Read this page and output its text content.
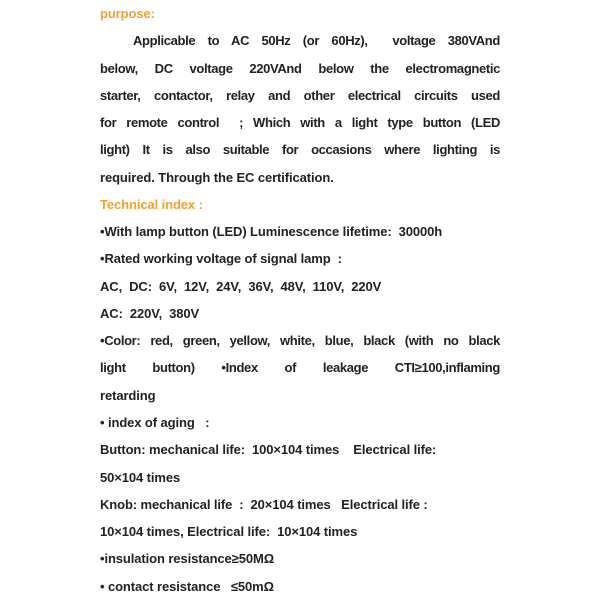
purpose:
Applicable to AC 50Hz (or 60Hz),  voltage 380VAnd
below, DC voltage 220VAnd below the electromagnetic
starter, contactor, relay and other electrical circuits used
for remote control  ; Which with a light type button (LED
light) It is also suitable for occasions where lighting is
required. Through the EC certification.
Technical index :
•With lamp button (LED) Luminescence lifetime:  30000h
•Rated working voltage of signal lamp  :
AC,  DC:  6V,  12V,  24V,  36V,  48V,  110V,  220V
AC:  220V,  380V
•Color: red, green, yellow, white, blue, black (with no black
light button) •Index of leakage CTI≥100,inflaming
retarding
• index of aging   :
Button: mechanical life:  100×104 times    Electrical life:
50×104 times
Knob: mechanical life  :  20×104 times   Electrical life :
10×104 times, Electrical life:  10×104 times
•insulation resistance≥50MΩ
• contact resistance   ≤50mΩ
